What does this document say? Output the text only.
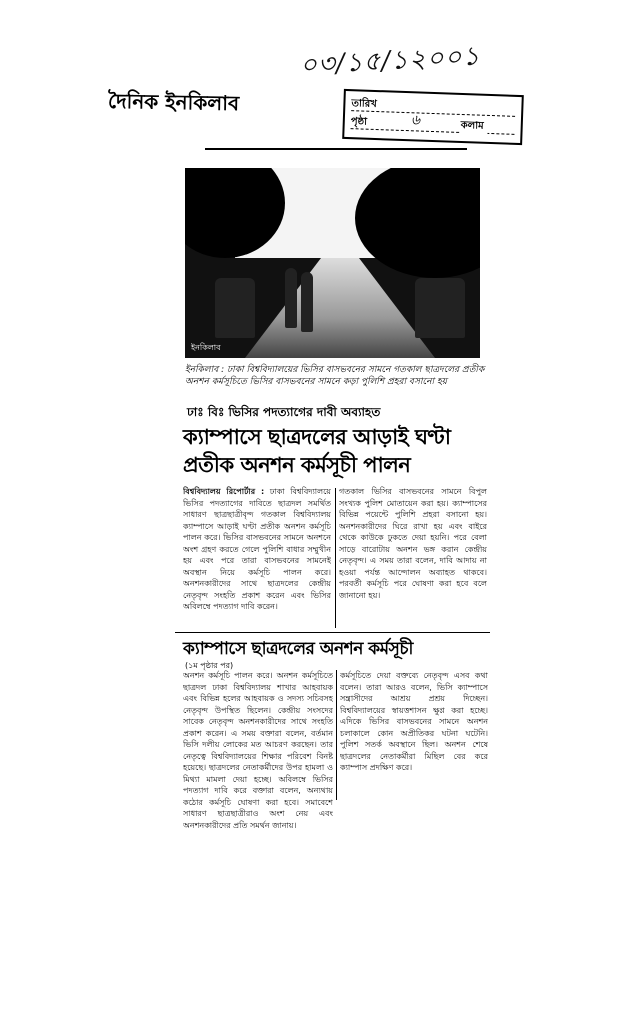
০৩/১৫/১২০০১
দৈনিক ইনকিলাব	তারিখ
পৃষ্ঠা	৬	কলাম
ইনকিলাব
ইনকিলাব : ঢাকা বিশ্ববিদ্যালয়ের ভিসির বাসভবনের সামনে গতকাল ছাত্রদলের প্রতীক অনশন কর্মসূচিতে ভিসির বাসভবনের সামনে কড়া পুলিশি প্রহরা বসানো হয়
ঢাঃ বিঃ ভিসির পদত্যাগের দাবী অব্যাহত
ক্যাম্পাসে ছাত্রদলের আড়াই ঘণ্টা প্রতীক অনশন কর্মসূচী পালন
বিশ্ববিদ্যালয় রিপোর্টার : ঢাকা বিশ্ববিদ্যালয়ে ভিসির পদত্যাগের দাবিতে ছাত্রদল সমর্থিত সাধারণ ছাত্রছাত্রীবৃন্দ গতকাল বিশ্ববিদ্যালয় ক্যাম্পাসে আড়াই ঘণ্টা প্রতীক অনশন কর্মসূচি পালন করে। ভিসির বাসভবনের সামনে অনশনে অংশ গ্রহণ করতে গেলে পুলিশি বাধার সম্মুখীন হয় এবং পরে তারা বাসভবনের সামনেই অবস্থান নিয়ে কর্মসূচি পালন করে। অনশনকারীদের সাথে ছাত্রদলের কেন্দ্রীয় নেতৃবৃন্দ সংহতি প্রকাশ করেন এবং ভিসির অবিলম্বে পদত্যাগ দাবি করেন।
গতকাল ভিসির বাসভবনের সামনে বিপুল সংখ্যক পুলিশ মোতায়েন করা হয়। ক্যাম্পাসের বিভিন্ন পয়েন্টে পুলিশি প্রহরা বসানো হয়। অনশনকারীদের ঘিরে রাখা হয় এবং বাইরে থেকে কাউকে ঢুকতে দেয়া হয়নি। পরে বেলা সাড়ে বারোটায় অনশন ভঙ্গ করান কেন্দ্রীয় নেতৃবৃন্দ। এ সময় তারা বলেন, দাবি আদায় না হওয়া পর্যন্ত আন্দোলন অব্যাহত থাকবে। পরবর্তী কর্মসূচি পরে ঘোষণা করা হবে বলে জানানো হয়।
ক্যাম্পাসে ছাত্রদলের অনশন কর্মসূচী
(১ম পৃষ্ঠার পর)
অনশন কর্মসূচি পালন করে। অনশন কর্মসূচিতে ছাত্রদল ঢাকা বিশ্ববিদ্যালয় শাখার আহবায়ক এবং বিভিন্ন হলের আহবায়ক ও সদস্য সচিবসহ নেতৃবৃন্দ উপস্থিত ছিলেন। কেন্দ্রীয় সংসদের সাবেক নেতৃবৃন্দ অনশনকারীদের সাথে সংহতি প্রকাশ করেন। এ সময় বক্তারা বলেন, বর্তমান ভিসি দলীয় লোকের মত আচরণ করছেন। তার নেতৃত্বে বিশ্ববিদ্যালয়ের শিক্ষার পরিবেশ বিনষ্ট হয়েছে। ছাত্রদলের নেতাকর্মীদের উপর হামলা ও মিথ্যা মামলা দেয়া হচ্ছে। অবিলম্বে ভিসির পদত্যাগ দাবি করে বক্তারা বলেন, অন্যথায় কঠোর কর্মসূচি ঘোষণা করা হবে। সমাবেশে সাধারণ ছাত্রছাত্রীরাও অংশ নেয় এবং অনশনকারীদের প্রতি সমর্থন জানায়।
কর্মসূচিতে দেয়া বক্তব্যে নেতৃবৃন্দ এসব কথা বলেন। তারা আরও বলেন, ভিসি ক্যাম্পাসে সন্ত্রাসীদের আশ্রয় প্রশ্রয় দিচ্ছেন। বিশ্ববিদ্যালয়ের স্বায়ত্তশাসন ক্ষুণ্ণ করা হচ্ছে। এদিকে ভিসির বাসভবনের সামনে অনশন চলাকালে কোন অপ্রীতিকর ঘটনা ঘটেনি। পুলিশ সতর্ক অবস্থানে ছিল। অনশন শেষে ছাত্রদলের নেতাকর্মীরা মিছিল বের করে ক্যাম্পাস প্রদক্ষিণ করে।
